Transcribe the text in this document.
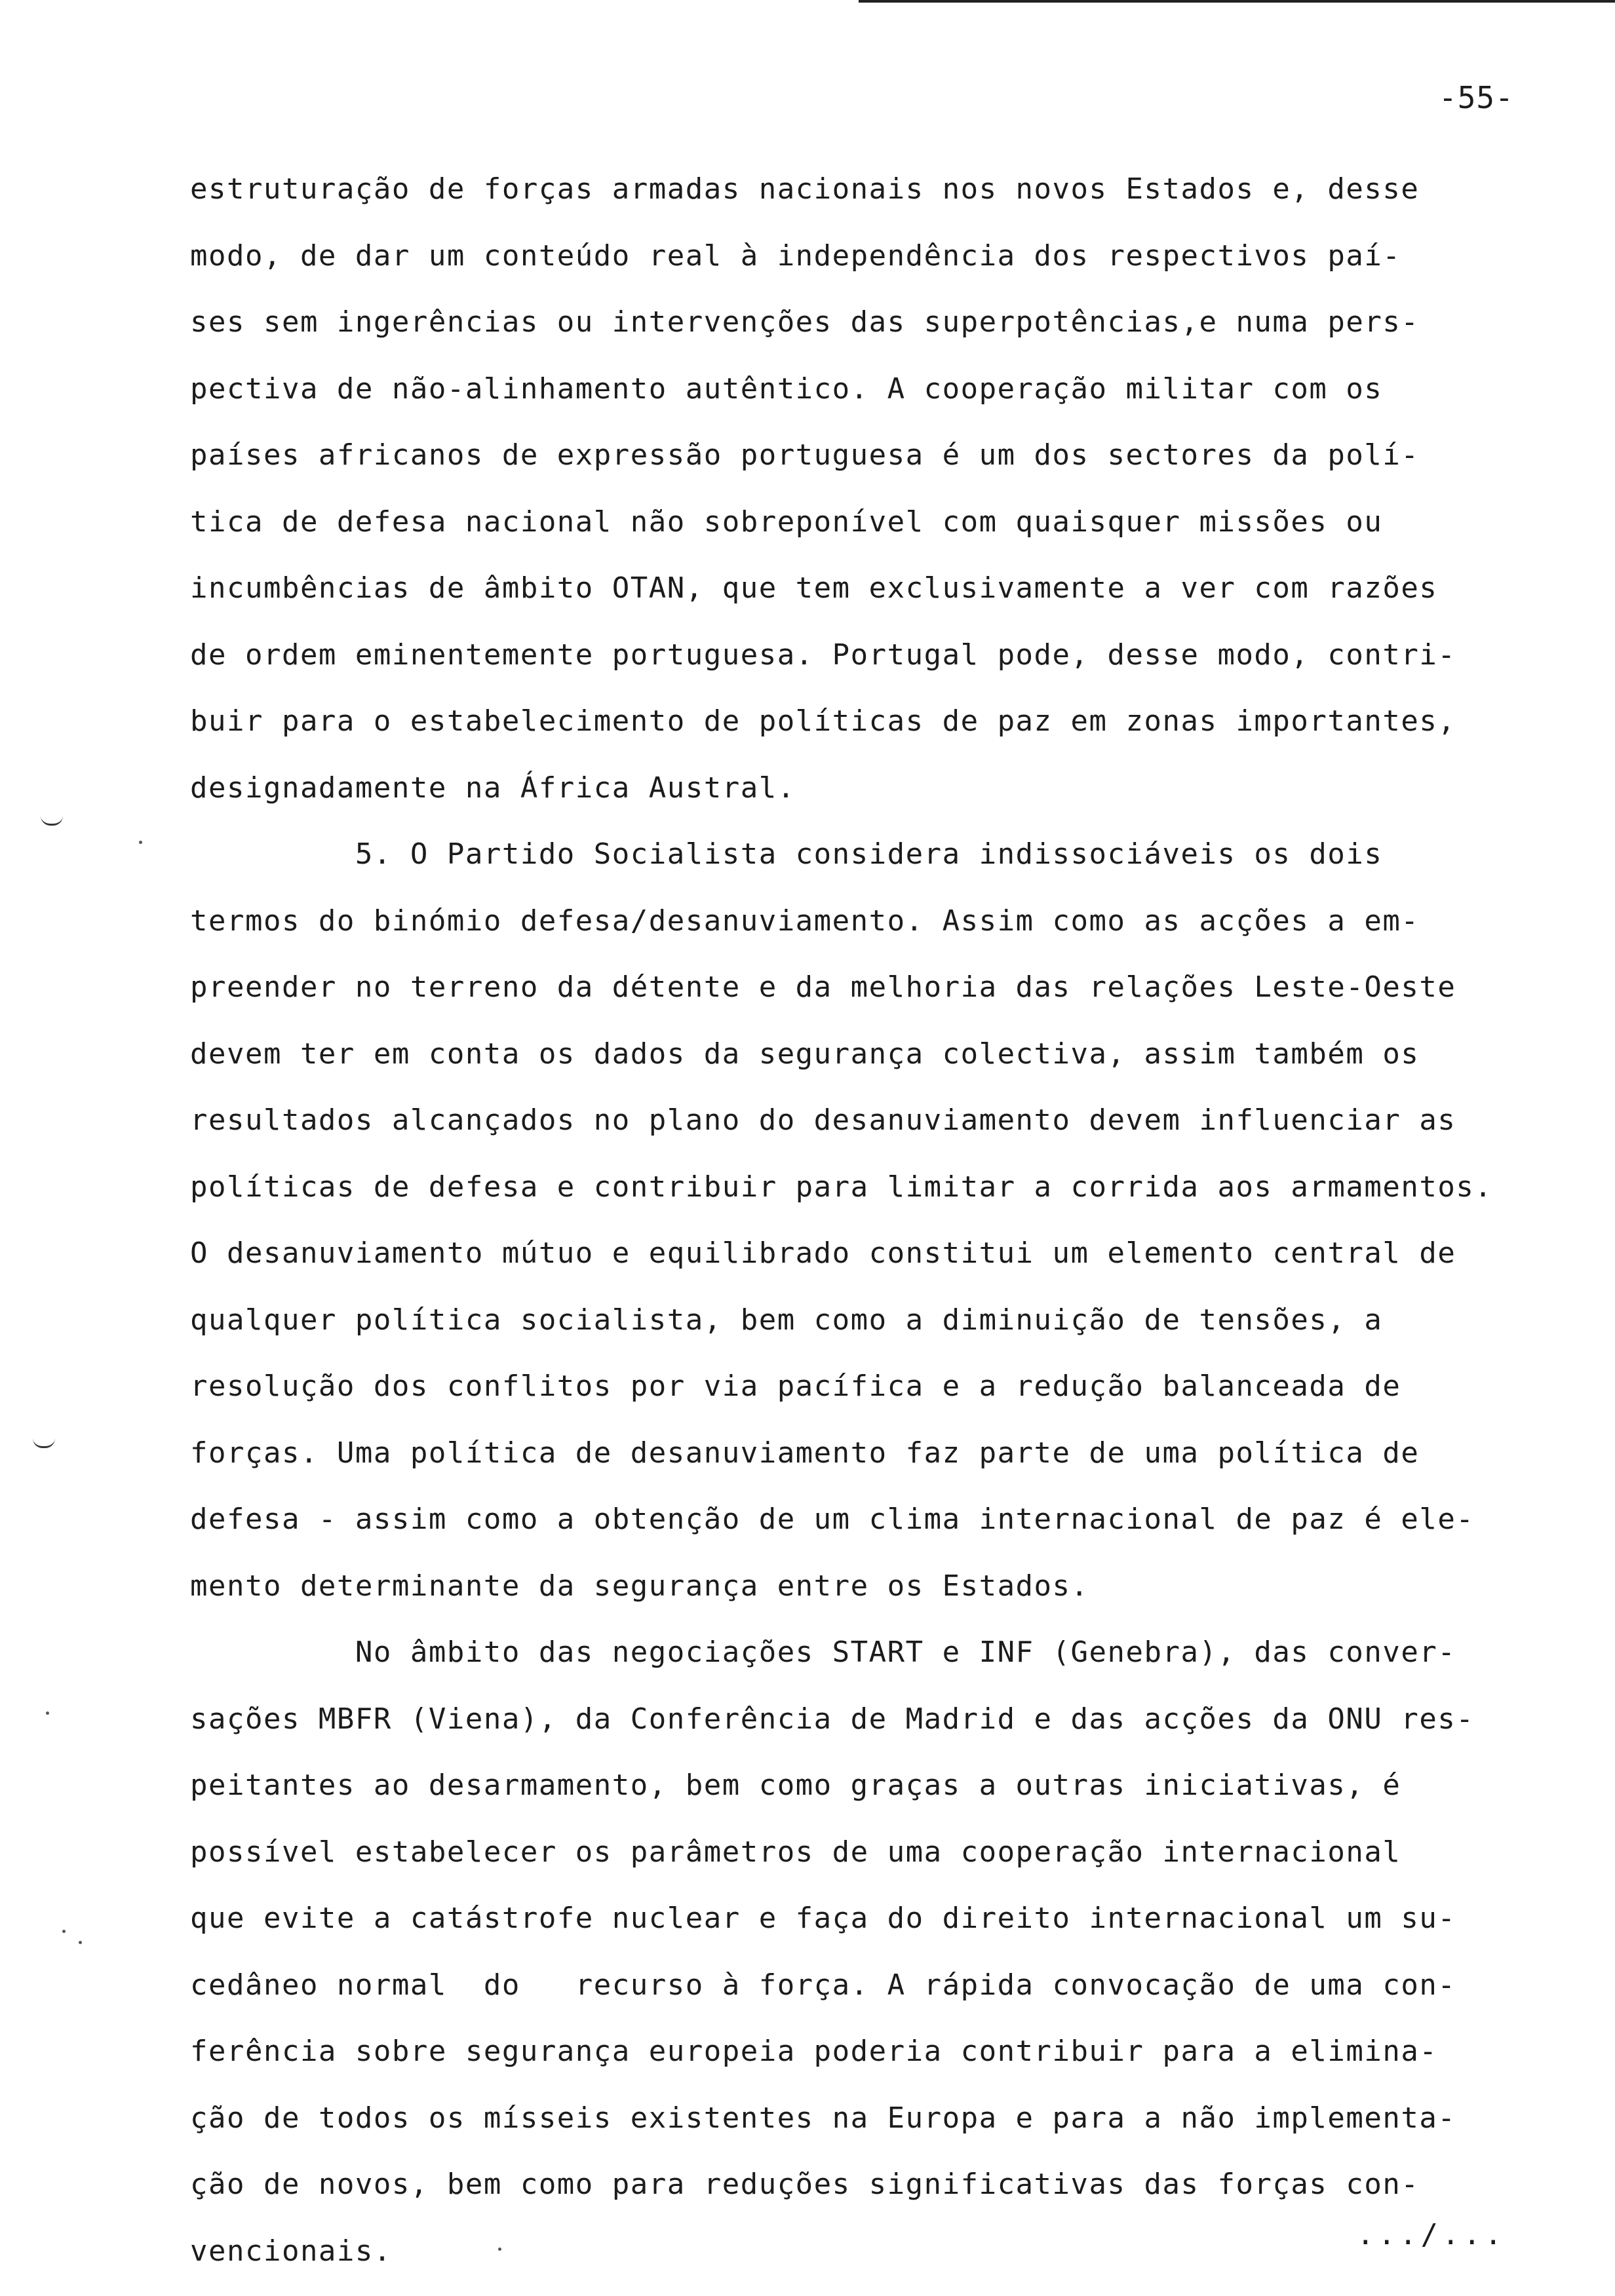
-55-
estruturação de forças armadas nacionais nos novos Estados e, desse
modo, de dar um conteúdo real à independência dos respectivos paí-
ses sem ingerências ou intervenções das superpotências,e numa pers-
pectiva de não-alinhamento autêntico. A cooperação militar com os
países africanos de expressão portuguesa é um dos sectores da polí-
tica de defesa nacional não sobreponível com quaisquer missões ou
incumbências de âmbito OTAN, que tem exclusivamente a ver com razões
de ordem eminentemente portuguesa. Portugal pode, desse modo, contri-
buir para o estabelecimento de políticas de paz em zonas importantes,
designadamente na África Austral.
5. O Partido Socialista considera indissociáveis os dois
termos do binómio defesa/desanuviamento. Assim como as acções a em-
preender no terreno da détente e da melhoria das relações Leste-Oeste
devem ter em conta os dados da segurança colectiva, assim também os
resultados alcançados no plano do desanuviamento devem influenciar as
políticas de defesa e contribuir para limitar a corrida aos armamentos.
O desanuviamento mútuo e equilibrado constitui um elemento central de
qualquer política socialista, bem como a diminuição de tensões, a
resolução dos conflitos por via pacífica e a redução balanceada de
forças. Uma política de desanuviamento faz parte de uma política de
defesa - assim como a obtenção de um clima internacional de paz é ele-
mento determinante da segurança entre os Estados.
No âmbito das negociações START e INF (Genebra), das conver-
sações MBFR (Viena), da Conferência de Madrid e das acções da ONU res-
peitantes ao desarmamento, bem como graças a outras iniciativas, é
possível estabelecer os parâmetros de uma cooperação internacional
que evite a catástrofe nuclear e faça do direito internacional um su-
cedâneo normal  do   recurso à força. A rápida convocação de uma con-
ferência sobre segurança europeia poderia contribuir para a elimina-
ção de todos os mísseis existentes na Europa e para a não implementa-
ção de novos, bem como para reduções significativas das forças con-
vencionais.	.../...
